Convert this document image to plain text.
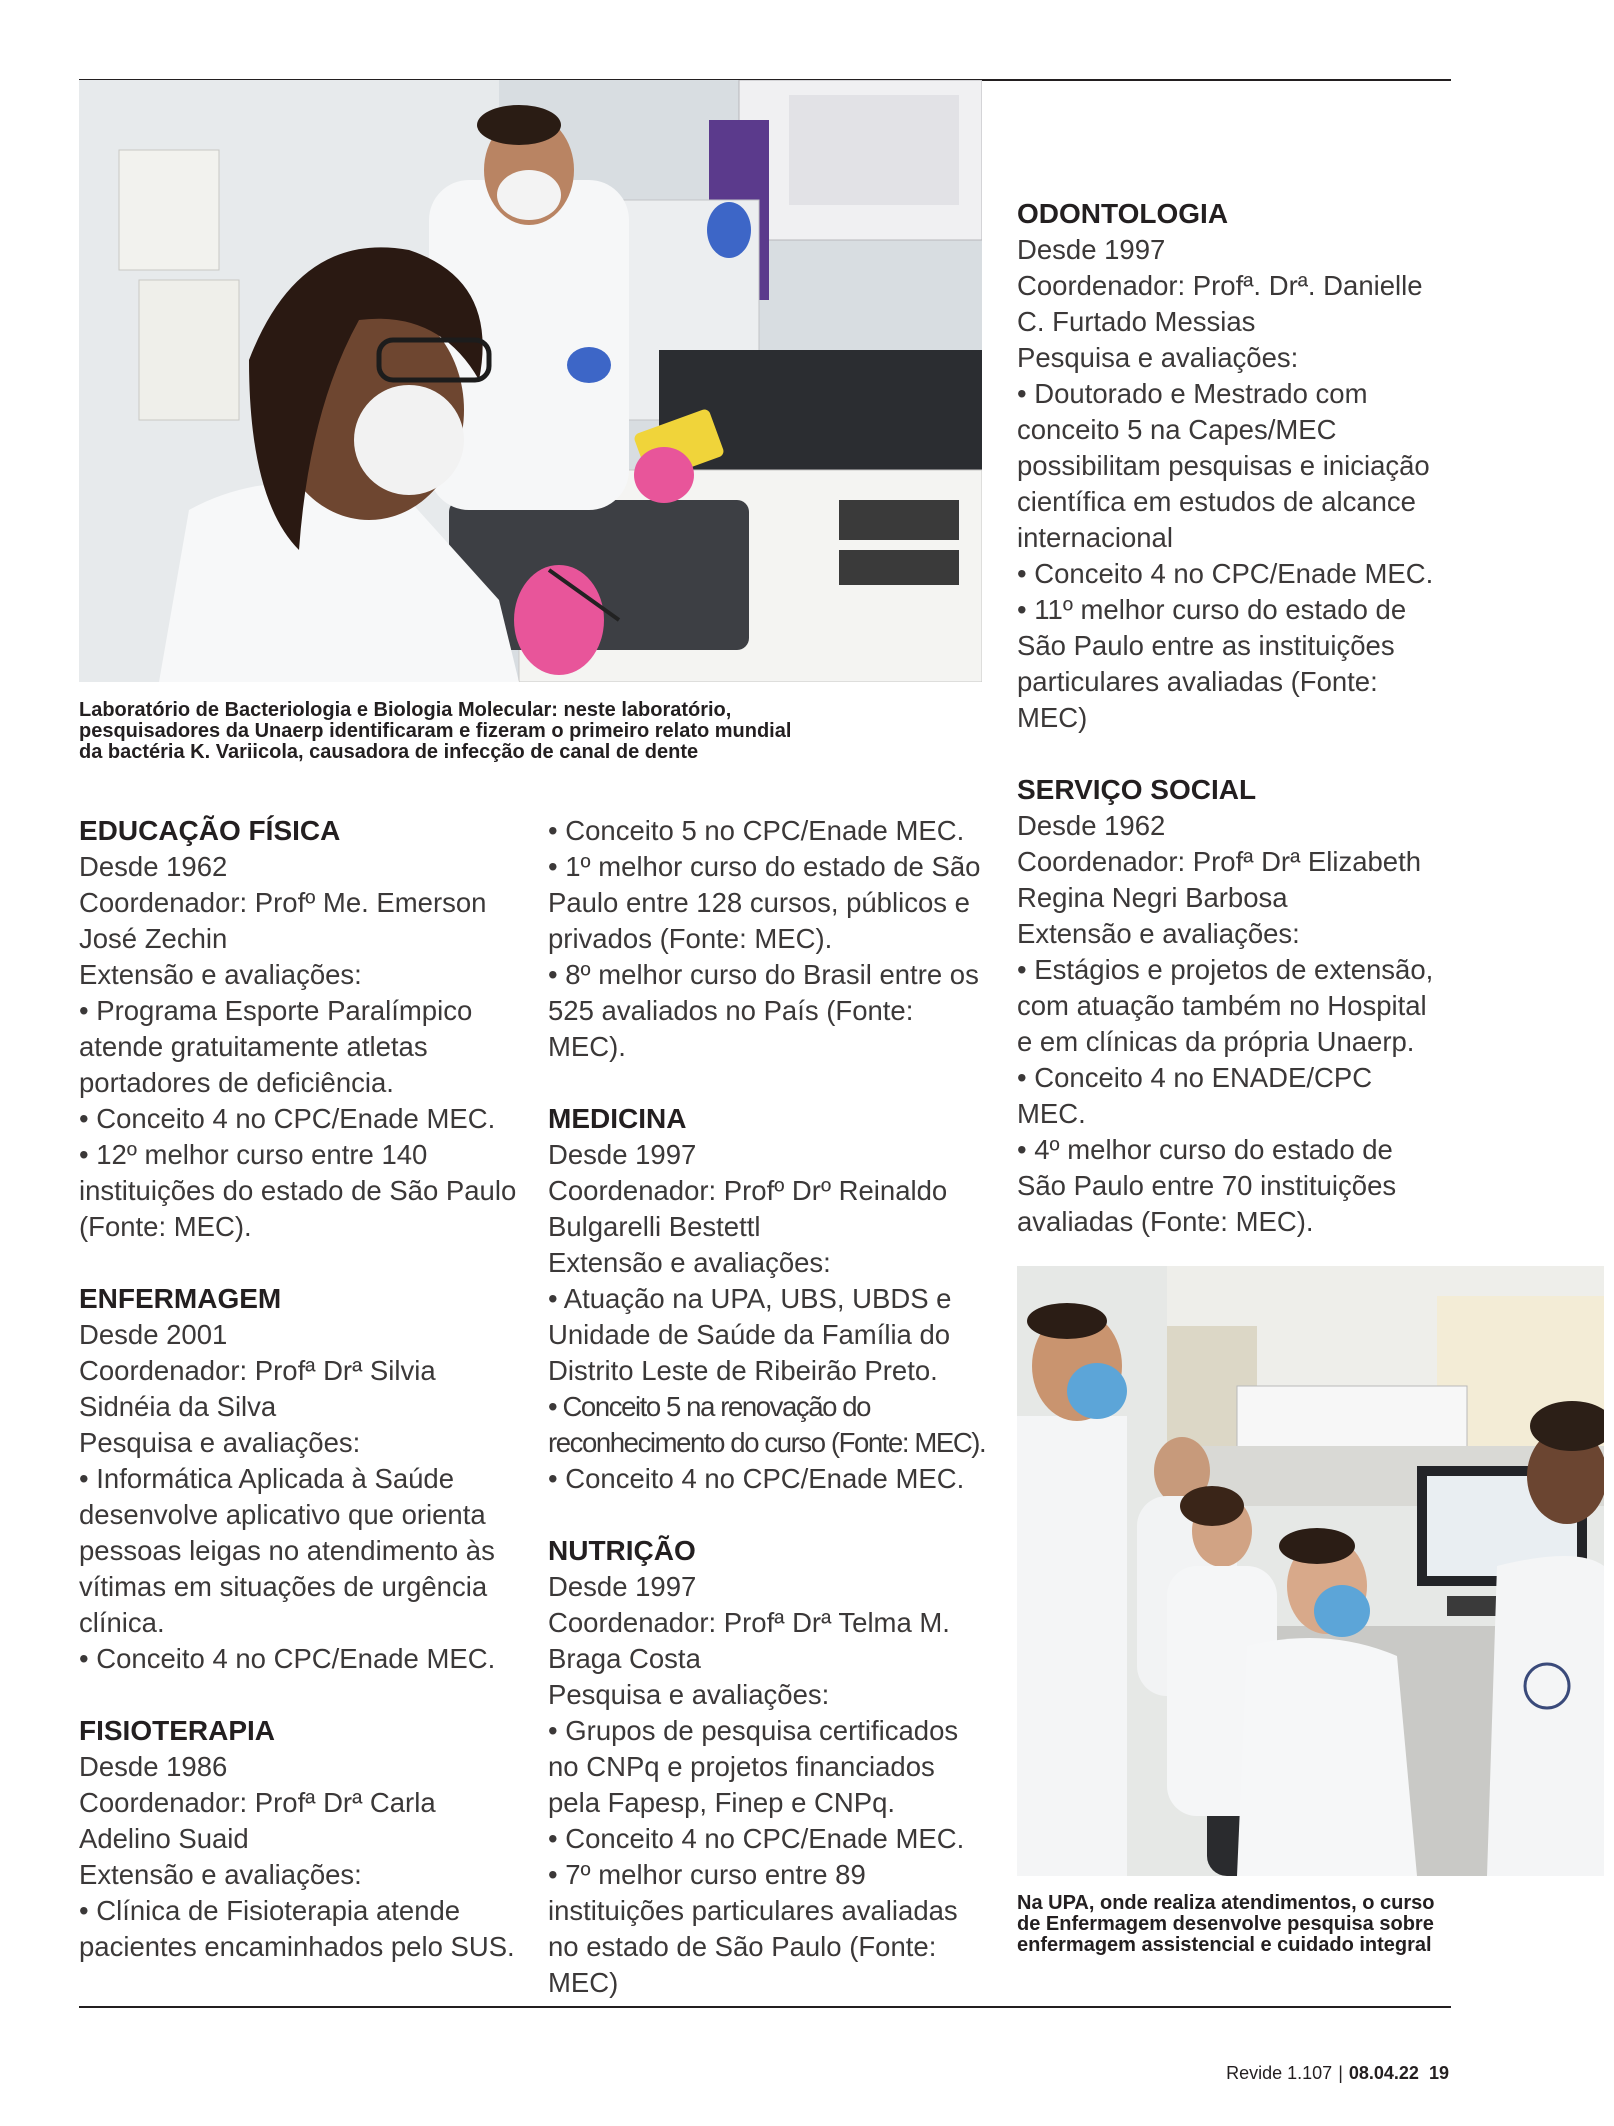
Laboratório de Bacteriologia e Biologia Molecular: neste laboratório, pesquisadores da Unaerp identificaram e fizeram o primeiro relato mundial da bactéria K. Variicola, causadora de infecção de canal de dente
EDUCAÇÃO FÍSICA

Desde 1962

Coordenador: Profº Me. Emerson José Zechin

Extensão e avaliações:

• Programa Esporte Paralímpico atende gratuitamente atletas portadores de deficiência.

• Conceito 4 no CPC/Enade MEC.

• 12º melhor curso entre 140 instituições do estado de São Paulo (Fonte: MEC).

ENFERMAGEM

Desde 2001

Coordenador: Profª Drª Silvia Sidnéia da Silva

Pesquisa e avaliações:

• Informática Aplicada à Saúde desenvolve aplicativo que orienta pessoas leigas no atendimento às vítimas em situações de urgência clínica.

• Conceito 4 no CPC/Enade MEC.

FISIOTERAPIA

Desde 1986

Coordenador: Profª Drª Carla Adelino Suaid

Extensão e avaliações:

• Clínica de Fisioterapia atende pacientes encaminhados pelo SUS.

• Conceito 5 no CPC/Enade MEC.

• 1º melhor curso do estado de São Paulo entre 128 cursos, públicos e privados (Fonte: MEC).

• 8º melhor curso do Brasil entre os 525 avaliados no País (Fonte: MEC).

MEDICINA

Desde 1997

Coordenador: Profº Drº Reinaldo Bulgarelli Bestettl

Extensão e avaliações:

• Atuação na UPA, UBS, UBDS e Unidade de Saúde da Família do Distrito Leste de Ribeirão Preto.

• Conceito 5 na renovação do reconhecimento do curso (Fonte: MEC).

• Conceito 4 no CPC/Enade MEC.

NUTRIÇÃO

Desde 1997

Coordenador: Profª Drª Telma M. Braga Costa

Pesquisa e avaliações:

• Grupos de pesquisa certificados no CNPq e projetos financiados pela Fapesp, Finep e CNPq.

• Conceito 4 no CPC/Enade MEC.

• 7º melhor curso entre 89 instituições particulares avaliadas no estado de São Paulo (Fonte: MEC)

ODONTOLOGIA

Desde 1997

Coordenador: Profª. Drª. Danielle C. Furtado Messias

Pesquisa e avaliações:

• Doutorado e Mestrado com conceito 5 na Capes/MEC possibilitam pesquisas e iniciação científica em estudos de alcance internacional

• Conceito 4 no CPC/Enade MEC.

• 11º melhor curso do estado de São Paulo entre as instituições particulares avaliadas (Fonte: MEC)

SERVIÇO SOCIAL

Desde 1962

Coordenador: Profª Drª Elizabeth Regina Negri Barbosa

Extensão e avaliações:

• Estágios e projetos de extensão, com atuação também no Hospital e em clínicas da própria Unaerp.

• Conceito 4 no ENADE/CPC MEC.

• 4º melhor curso do estado de São Paulo entre 70 instituições avaliadas (Fonte: MEC).

Na UPA, onde realiza atendimentos, o curso de Enfermagem desenvolve pesquisa sobre enfermagem assistencial e cuidado integral
Revide 1.107 | 08.04.22 19
